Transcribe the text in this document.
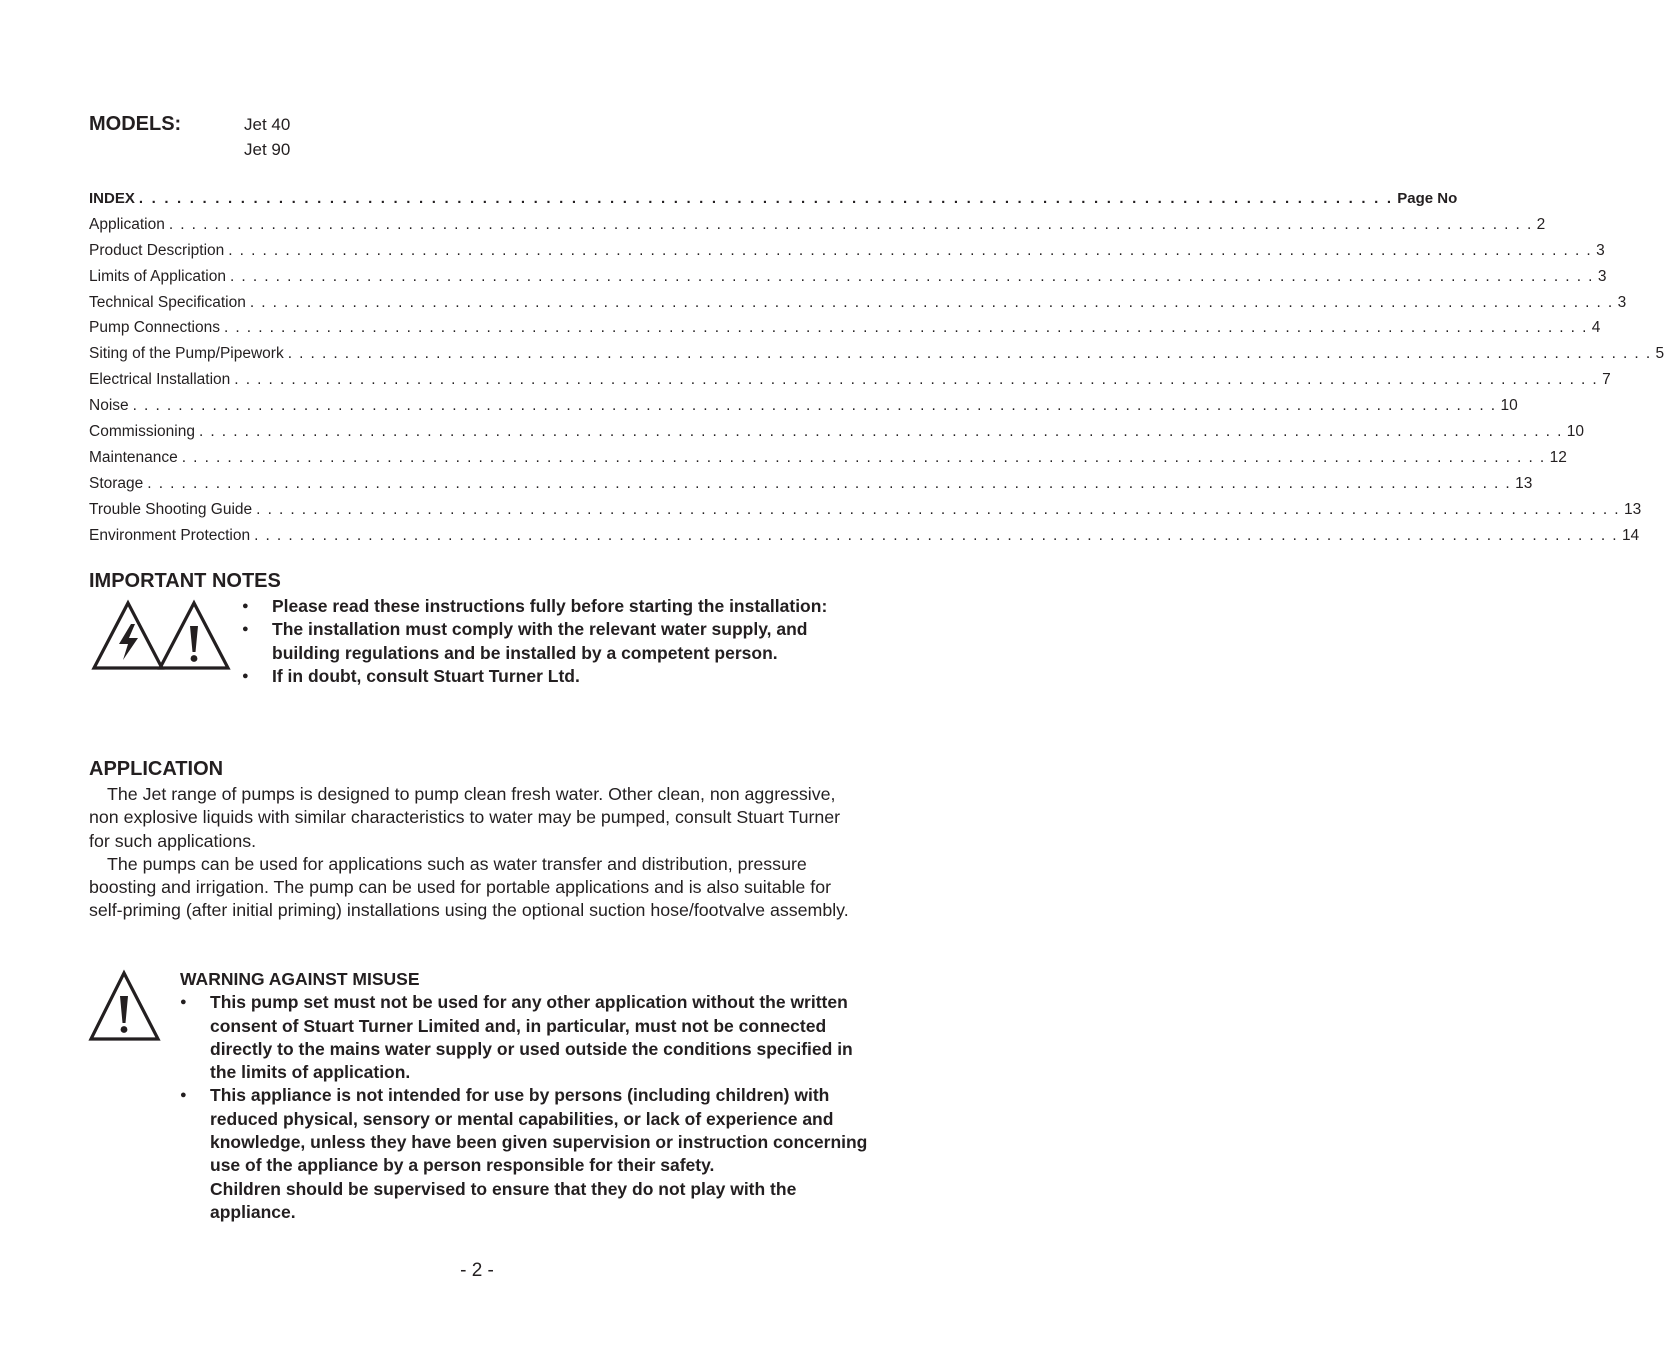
MODELS:	Jet 40
Jet 90
INDEX . . . . . . . . . . . . . . . . . . . . . . . . . . . . . . . . . . . . . . . . . . . . . . . . . . . . . . . . . . . . . . . . . . . . . . . . . . . . . . . . . . . . . . . . . . . . . . . . . . . Page No
Application . . . . . . . . . . . . . . . . . . . . . . . . . . . . . . . . . . . . . . . . . . . . . . . . . . . . . . . . . . . . . . . . . . . . . . . . . . . . . . . . . . . . . . . . . . . . . . . . . . . . . . . . . . . . . . . . . . . . . . . . 2
Product Description . . . . . . . . . . . . . . . . . . . . . . . . . . . . . . . . . . . . . . . . . . . . . . . . . . . . . . . . . . . . . . . . . . . . . . . . . . . . . . . . . . . . . . . . . . . . . . . . . . . . . . . . . . . . . . . . . . . . . . . . 3
Limits of Application . . . . . . . . . . . . . . . . . . . . . . . . . . . . . . . . . . . . . . . . . . . . . . . . . . . . . . . . . . . . . . . . . . . . . . . . . . . . . . . . . . . . . . . . . . . . . . . . . . . . . . . . . . . . . . . . . . . . . . . . 3
Technical Specification . . . . . . . . . . . . . . . . . . . . . . . . . . . . . . . . . . . . . . . . . . . . . . . . . . . . . . . . . . . . . . . . . . . . . . . . . . . . . . . . . . . . . . . . . . . . . . . . . . . . . . . . . . . . . . . . . . . . . . . . 3
Pump Connections . . . . . . . . . . . . . . . . . . . . . . . . . . . . . . . . . . . . . . . . . . . . . . . . . . . . . . . . . . . . . . . . . . . . . . . . . . . . . . . . . . . . . . . . . . . . . . . . . . . . . . . . . . . . . . . . . . . . . . . . 4
Siting of the Pump/Pipework . . . . . . . . . . . . . . . . . . . . . . . . . . . . . . . . . . . . . . . . . . . . . . . . . . . . . . . . . . . . . . . . . . . . . . . . . . . . . . . . . . . . . . . . . . . . . . . . . . . . . . . . . . . . . . . . . . . . . . . . 5
Electrical Installation . . . . . . . . . . . . . . . . . . . . . . . . . . . . . . . . . . . . . . . . . . . . . . . . . . . . . . . . . . . . . . . . . . . . . . . . . . . . . . . . . . . . . . . . . . . . . . . . . . . . . . . . . . . . . . . . . . . . . . . . 7
Noise . . . . . . . . . . . . . . . . . . . . . . . . . . . . . . . . . . . . . . . . . . . . . . . . . . . . . . . . . . . . . . . . . . . . . . . . . . . . . . . . . . . . . . . . . . . . . . . . . . . . . . . . . . . . . . . . . . . . . . . . 10
Commissioning . . . . . . . . . . . . . . . . . . . . . . . . . . . . . . . . . . . . . . . . . . . . . . . . . . . . . . . . . . . . . . . . . . . . . . . . . . . . . . . . . . . . . . . . . . . . . . . . . . . . . . . . . . . . . . . . . . . . . . . . 10
Maintenance . . . . . . . . . . . . . . . . . . . . . . . . . . . . . . . . . . . . . . . . . . . . . . . . . . . . . . . . . . . . . . . . . . . . . . . . . . . . . . . . . . . . . . . . . . . . . . . . . . . . . . . . . . . . . . . . . . . . . . . . 12
Storage . . . . . . . . . . . . . . . . . . . . . . . . . . . . . . . . . . . . . . . . . . . . . . . . . . . . . . . . . . . . . . . . . . . . . . . . . . . . . . . . . . . . . . . . . . . . . . . . . . . . . . . . . . . . . . . . . . . . . . . . 13
Trouble Shooting Guide . . . . . . . . . . . . . . . . . . . . . . . . . . . . . . . . . . . . . . . . . . . . . . . . . . . . . . . . . . . . . . . . . . . . . . . . . . . . . . . . . . . . . . . . . . . . . . . . . . . . . . . . . . . . . . . . . . . . . . . . 13
Environment Protection . . . . . . . . . . . . . . . . . . . . . . . . . . . . . . . . . . . . . . . . . . . . . . . . . . . . . . . . . . . . . . . . . . . . . . . . . . . . . . . . . . . . . . . . . . . . . . . . . . . . . . . . . . . . . . . . . . . . . . . . 14
IMPORTANT NOTES
● Please read these instructions fully before starting the installation:
● The installation must comply with the relevant water supply, and building regulations and be installed by a competent person.
● If in doubt, consult Stuart Turner Ltd.
APPLICATION

The Jet range of pumps is designed to pump clean fresh water. Other clean, non aggressive, non explosive liquids with similar characteristics to water may be pumped, consult Stuart Turner for such applications.

The pumps can be used for applications such as water transfer and distribution, pressure boosting and irrigation. The pump can be used for portable applications and is also suitable for self-priming (after initial priming) installations using the optional suction hose/footvalve assembly.

WARNING AGAINST MISUSE
● This pump set must not be used for any other application without the written consent of Stuart Turner Limited and, in particular, must not be connected directly to the mains water supply or used outside the conditions specified in the limits of application.
● This appliance is not intended for use by persons (including children) with reduced physical, sensory or mental capabilities, or lack of experience and knowledge, unless they have been given supervision or instruction concerning use of the appliance by a person responsible for their safety.
Children should be supervised to ensure that they do not play with the appliance.
- 2 -
